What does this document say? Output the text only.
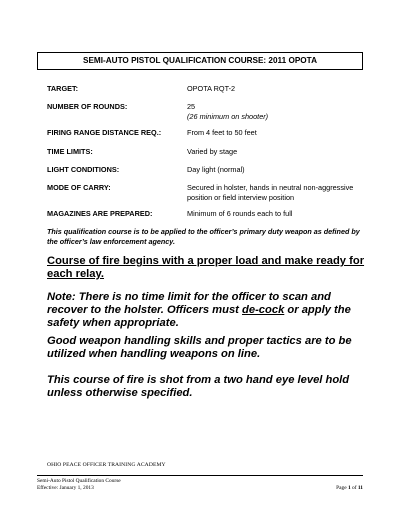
SEMI-AUTO PISTOL QUALIFICATION COURSE: 2011 OPOTA
TARGET:	OPOTA RQT-2
NUMBER OF ROUNDS:	25
(26 minimum on shooter)
FIRING RANGE DISTANCE REQ.:	From 4 feet to 50 feet
TIME LIMITS:	Varied by stage
LIGHT CONDITIONS:	Day light (normal)
MODE OF CARRY:	Secured in holster, hands in neutral non-aggressive position or field interview position
MAGAZINES ARE PREPARED:	Minimum of 6 rounds each to full
This qualification course is to be applied to the officer’s primary duty weapon as defined by the officer’s law enforcement agency.
Course of fire begins with a proper load and make ready for each relay.
Note: There is no time limit for the officer to scan and recover to the holster. Officers must de-cock or apply the safety when appropriate.
Good weapon handling skills and proper tactics are to be utilized when handling weapons on line.
This course of fire is shot from a two hand eye level hold unless otherwise specified.
OHIO PEACE OFFICER TRAINING ACADEMY
Semi-Auto Pistol Qualification Course
Effective: January 1, 2013	Page 1 of 11
